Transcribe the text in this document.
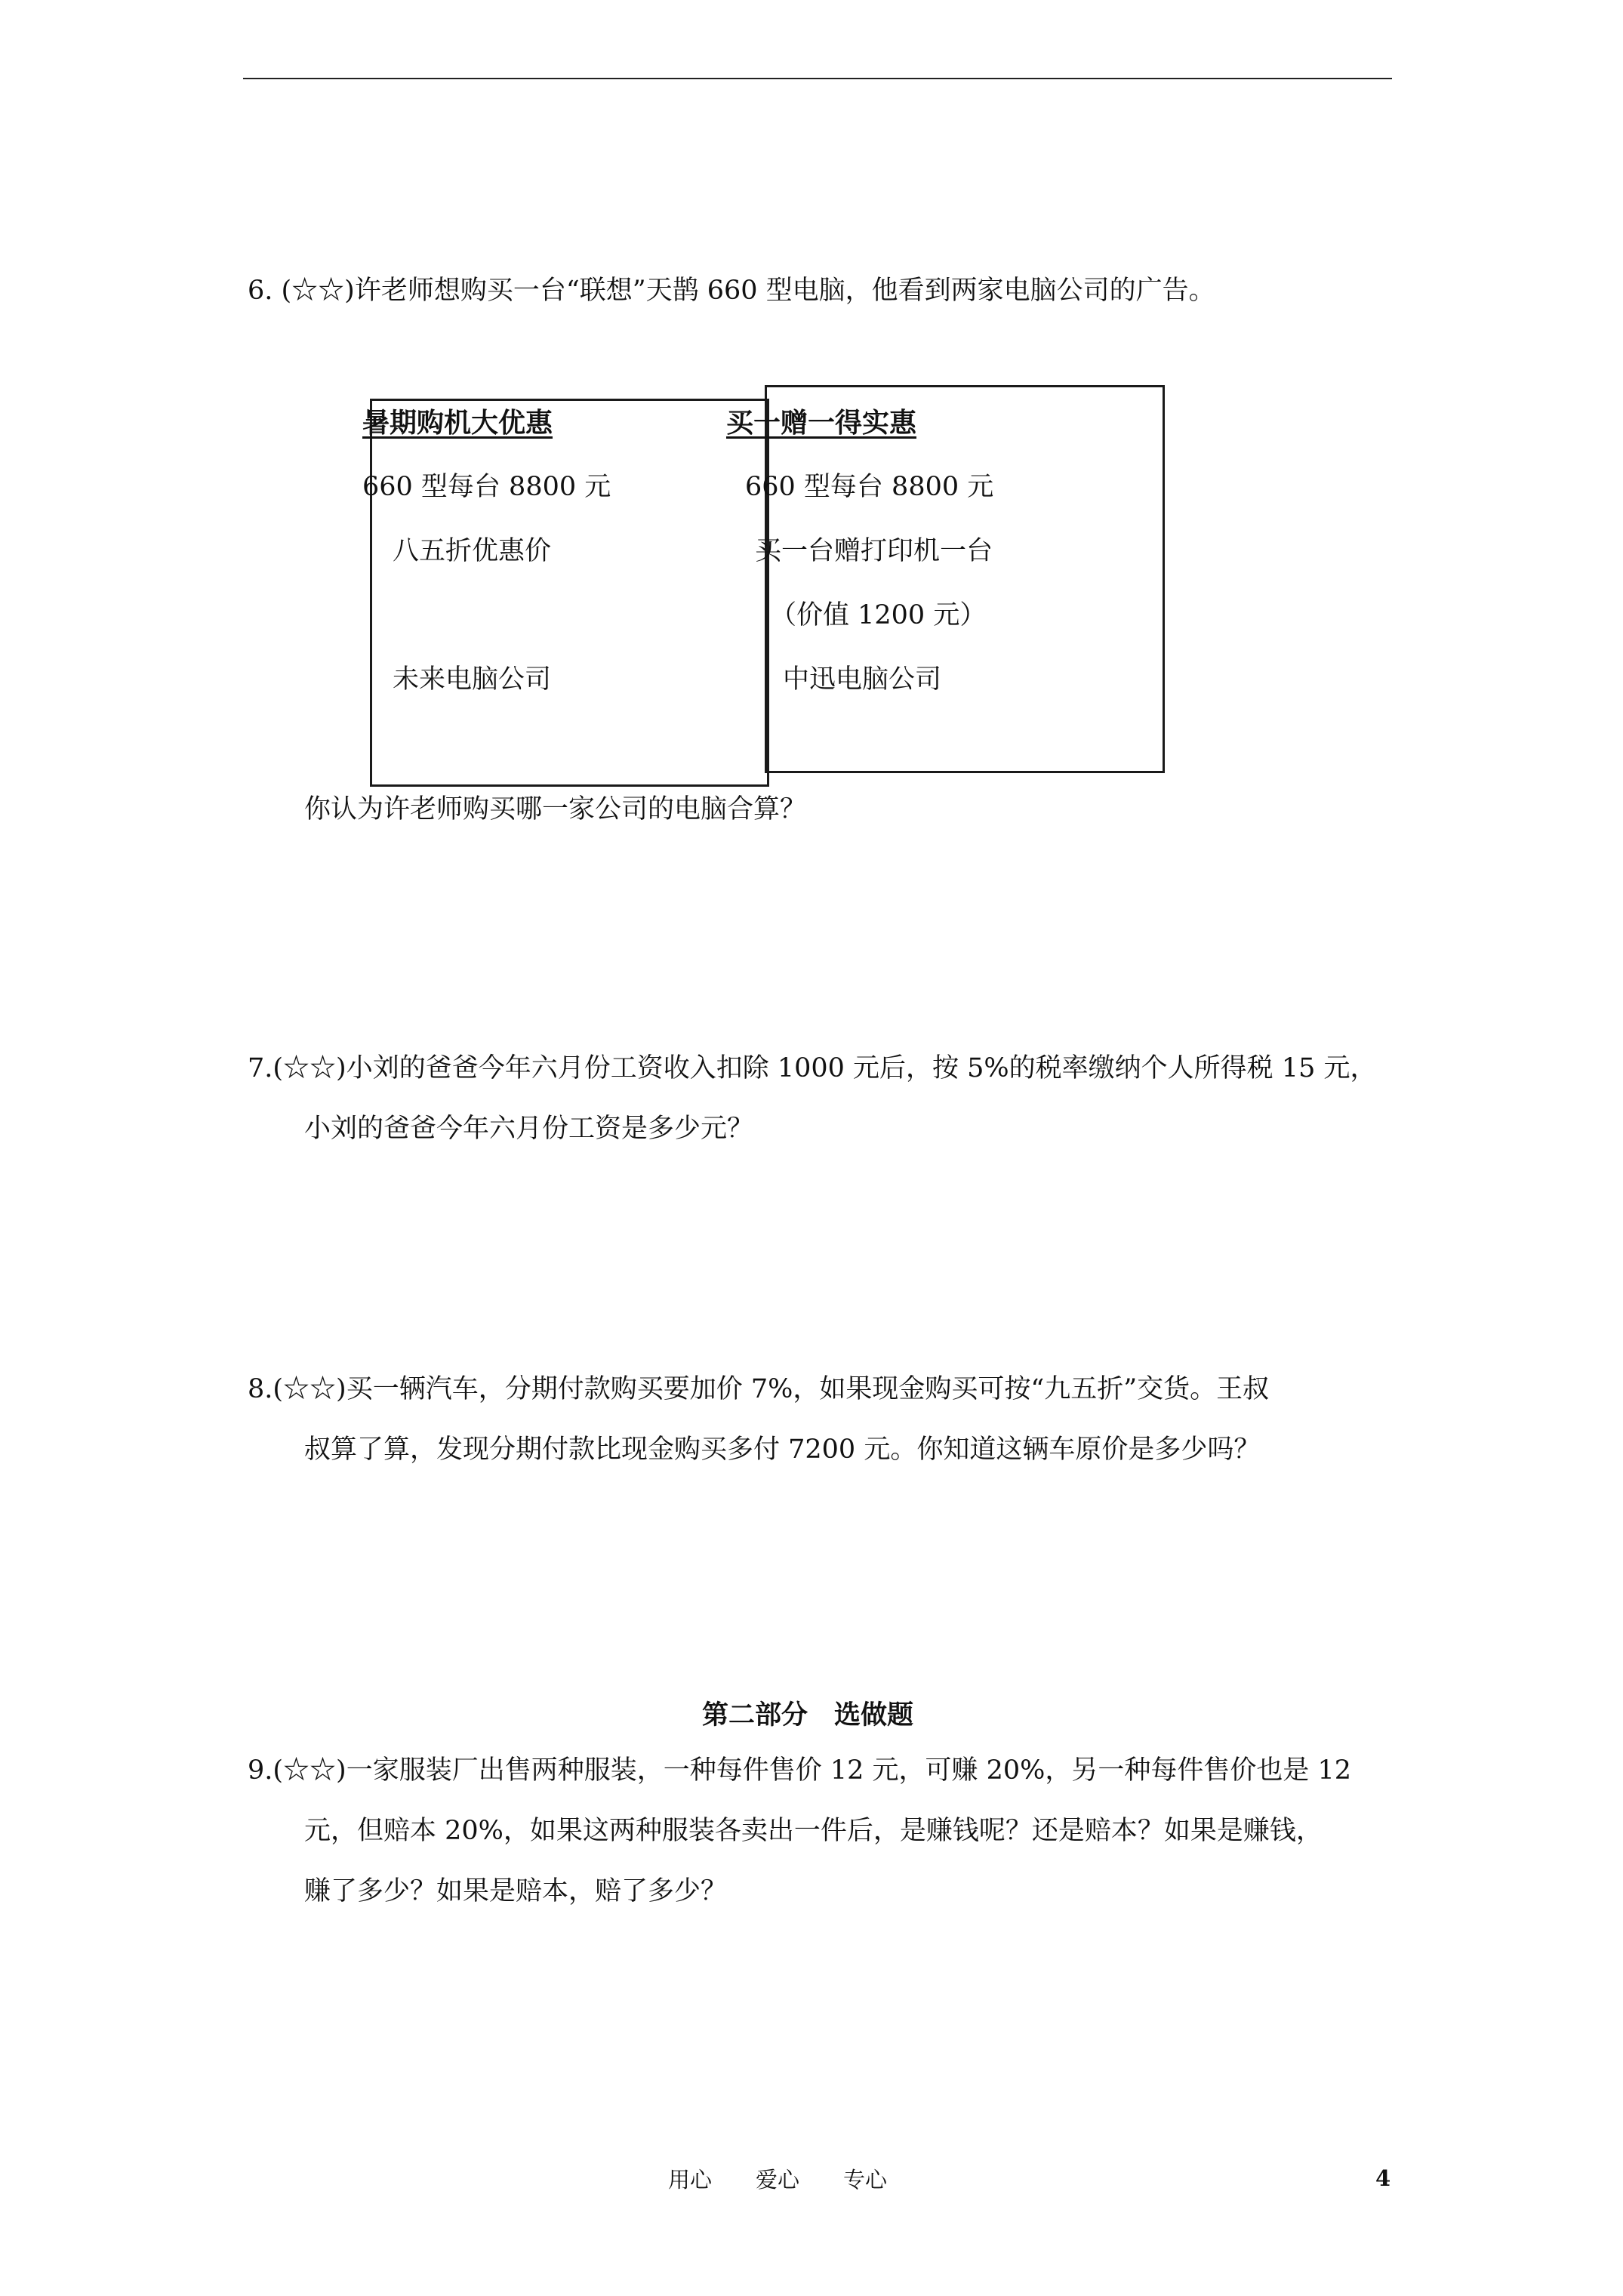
6. (☆☆)许老师想购买一台“联想”天鹊 660 型电脑，他看到两家电脑公司的广告。
暑期购机大优惠
660 型每台 8800 元
八五折优惠价
未来电脑公司
买一赠一得实惠
660 型每台 8800 元
买一台赠打印机一台
（价值 1200 元）
中迅电脑公司
你认为许老师购买哪一家公司的电脑合算？
7.(☆☆)小刘的爸爸今年六月份工资收入扣除 1000 元后，按 5%的税率缴纳个人所得税 15 元，
小刘的爸爸今年六月份工资是多少元？
8.(☆☆)买一辆汽车，分期付款购买要加价 7%，如果现金购买可按“九五折”交货。王叔
叔算了算，发现分期付款比现金购买多付 7200 元。你知道这辆车原价是多少吗？
第二部分　选做题
9.(☆☆)一家服装厂出售两种服装，一种每件售价 12 元，可赚 20%，另一种每件售价也是 12
元，但赔本 20%，如果这两种服装各卖出一件后，是赚钱呢？还是赔本？如果是赚钱，
赚了多少？如果是赔本，赔了多少？
用心　　爱心　　专心	4
